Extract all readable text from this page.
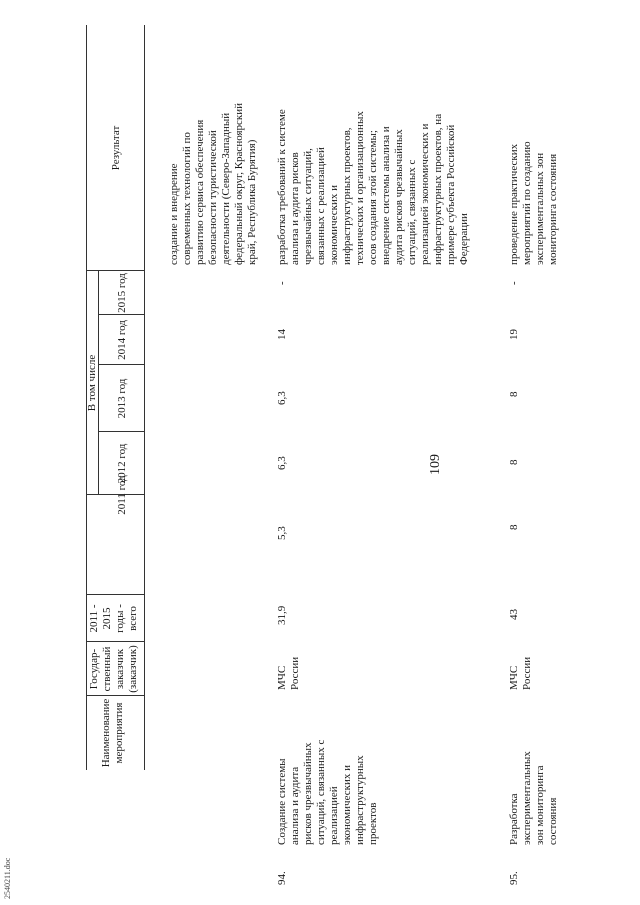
109
2540211.doc
Наименование мероприятия
Государ-
ственный
заказчик
(заказчик)
2011 -
2015
годы -
всего
В том числе
2011 год
2012 год
2013 год
2014 год
2015 год
Результат
создание и внедрение
современных технологий по
развитию сервиса обеспечения
безопасности туристической
деятельности (Северо-Западный
федеральный округ, Красноярский
край, Республика Бурятия)
94.
Создание системы
анализа и аудита
рисков чрезвычайных
ситуаций, связанных с
реализацией
экономических и
инфраструктурных
проектов
МЧС
России
31,9
5,3
6,3
6,3
14
-
разработка требований к системе
анализа и аудита рисков
чрезвычайных ситуаций,
связанных с реализацией
экономических и
инфраструктурных проектов,
технических и организационных
осов создания этой системы;
внедрение системы анализа и
аудита рисков чрезвычайных
ситуаций, связанных с
реализацией экономических и
инфраструктурных проектов, на
примере субъекта Российской
Федерации
95.
Разработка
экспериментальных
зон мониторинга
состояния
МЧС
России
43
8
8
8
19
-
проведение практических
мероприятий по созданию
экспериментальных зон
мониторинга состояния
